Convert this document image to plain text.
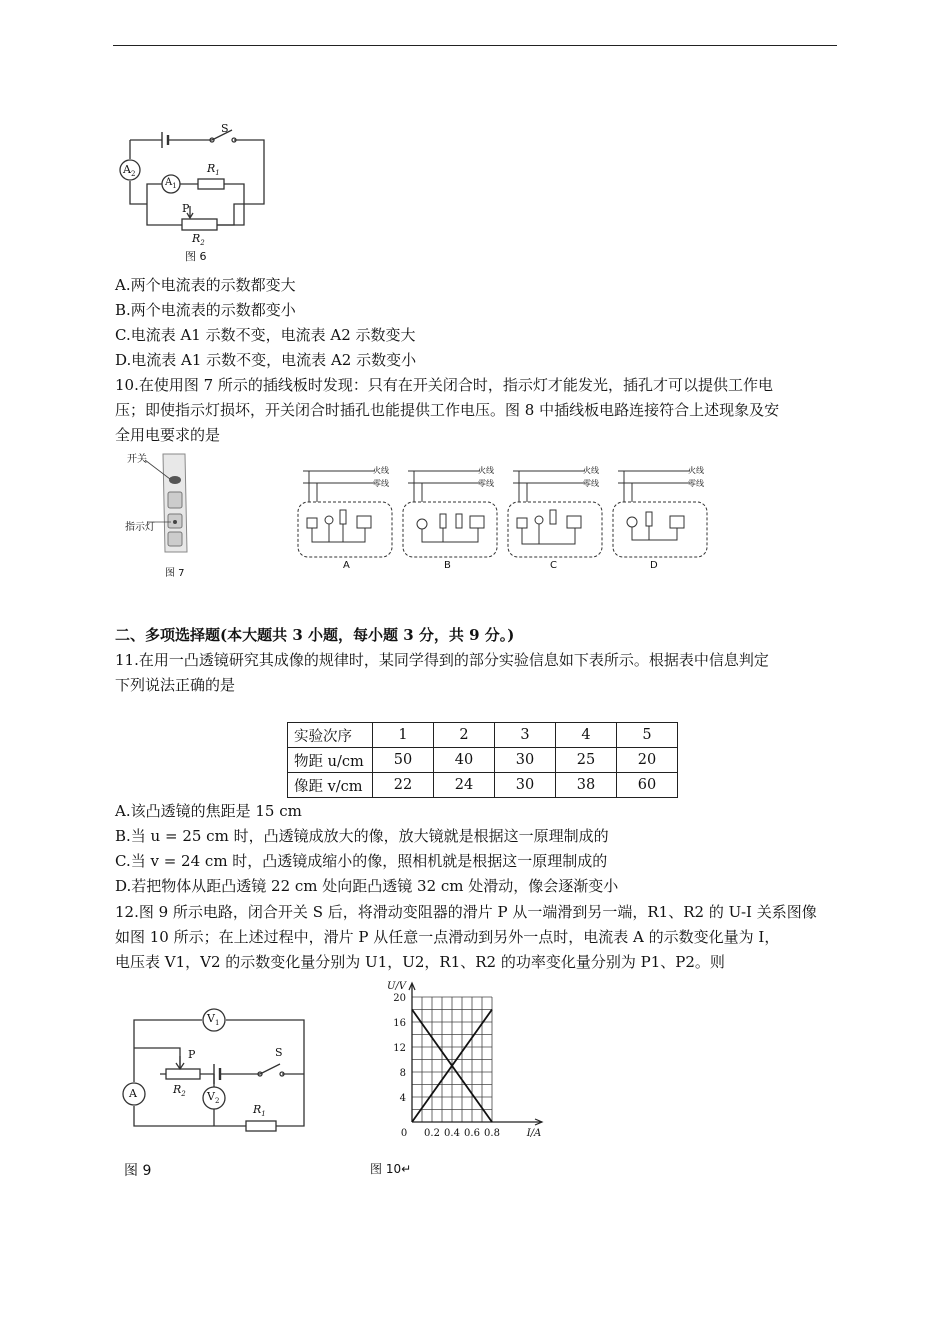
S
$A_2$
$A_1$
$R_1$
P
$R_2$
图 6
A.两个电流表的示数都变大
B.两个电流表的示数都变小
C.电流表 A1 示数不变，电流表 A2 示数变大
D.电流表 A1 示数不变，电流表 A2 示数变小
10.在使用图 7 所示的插线板时发现：只有在开关闭合时，指示灯才能发光，插孔才可以提供工作电
压；即使指示灯损坏，开关闭合时插孔也能提供工作电压。图 8 中插线板电路连接符合上述现象及安
全用电要求的是
开关
指示灯
图 7
火线
零线
火线
零线
火线
零线
火线
零线
A	B	C	D
二、多项选择题(本大题共 3 小题，每小题 3 分，共 9 分。)
11.在用一凸透镜研究其成像的规律时，某同学得到的部分实验信息如下表所示。根据表中信息判定
下列说法正确的是
实验次序	1	2	3	4	5
物距 u/cm	50	40	30	25	20
像距 v/cm	22	24	30	38	60
A.该凸透镜的焦距是 15 cm
B.当 u = 25 cm 时，凸透镜成放大的像，放大镜就是根据这一原理制成的
C.当 v = 24 cm 时，凸透镜成缩小的像，照相机就是根据这一原理制成的
D.若把物体从距凸透镜 22 cm 处向距凸透镜 32 cm 处滑动，像会逐渐变小
12.图 9 所示电路，闭合开关 S 后，将滑动变阻器的滑片 P 从一端滑到另一端，R1、R2 的 U-I 关系图像
如图 10 所示；在上述过程中，滑片 P 从任意一点滑动到另外一点时，电流表 A 的示数变化量为 I，
电压表 V1，V2 的示数变化量分别为 U1，U2，R1、R2 的功率变化量分别为 P1、P2。则
$V_1$
P	S
A	$R_2$ $V_2$
$R_1$
图 9
20
16
12
8
4
0.2 0.4 0.6 0.8
0
U/V
I/A
图 10↵
